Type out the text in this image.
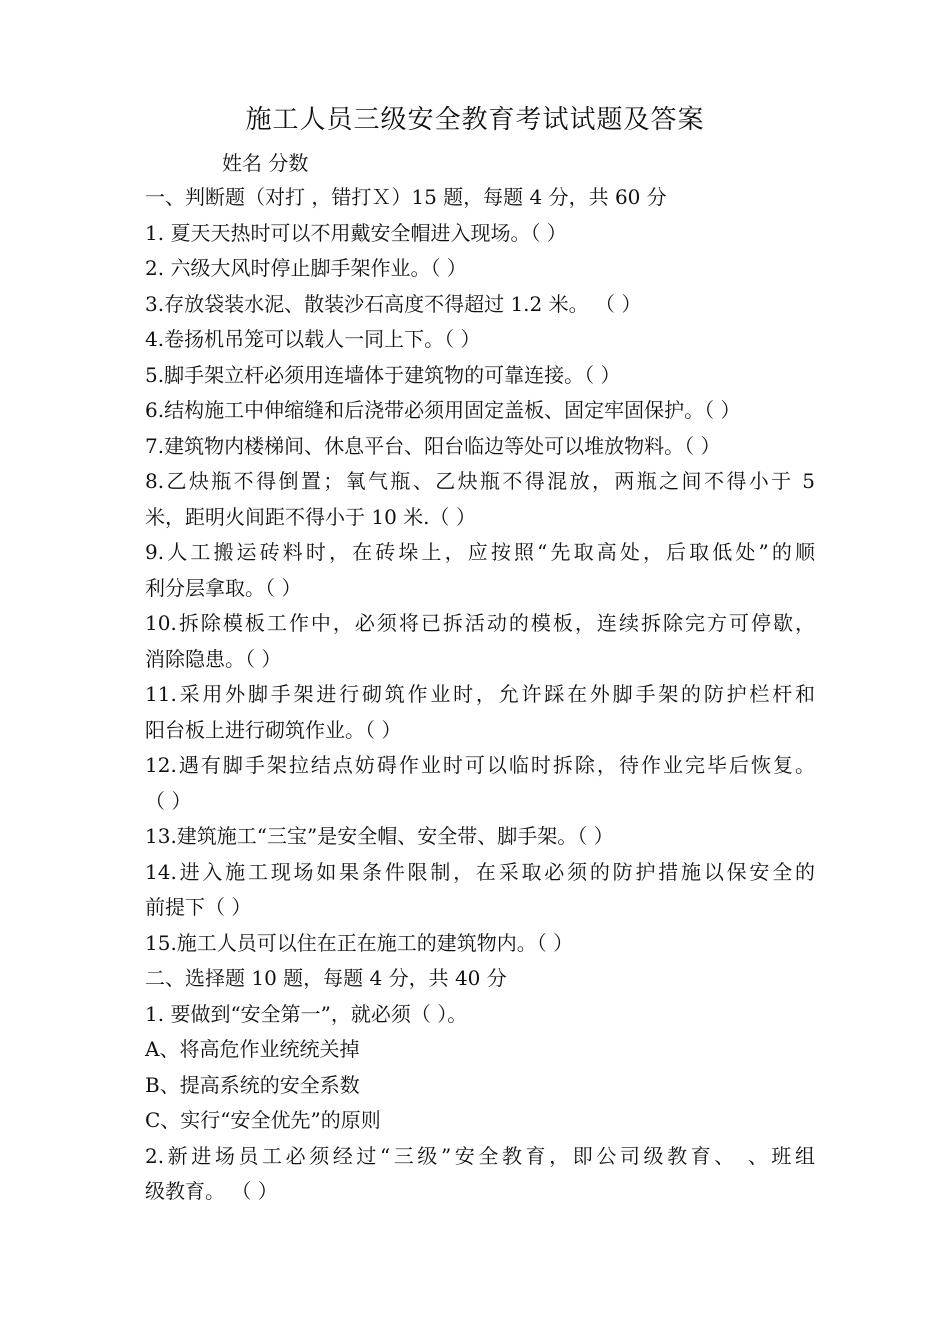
施工人员三级安全教育考试试题及答案
姓名 分数
一、判断题（对打 ，错打Ｘ）15 题，每题 4 分，共 60 分
1. 夏天天热时可以不用戴安全帽进入现场。（ ）
2. 六级大风时停止脚手架作业。（ ）
3.存放袋装水泥、散装沙石高度不得超过 1.2 米。 （ ）
4.卷扬机吊笼可以载人一同上下。（ ）
5.脚手架立杆必须用连墙体于建筑物的可靠连接。（ ）
6.结构施工中伸缩缝和后浇带必须用固定盖板、固定牢固保护。（ ）
7.建筑物内楼梯间、休息平台、阳台临边等处可以堆放物料。（ ）
8.乙炔瓶不得倒置；氧气瓶、乙炔瓶不得混放，两瓶之间不得小于 5
米，距明火间距不得小于 10 米.（ ）
9.人工搬运砖料时，在砖垛上，应按照“先取高处，后取低处”的顺
利分层拿取。（ ）
10.拆除模板工作中，必须将已拆活动的模板，连续拆除完方可停歇，
消除隐患。（ ）
11.采用外脚手架进行砌筑作业时，允许踩在外脚手架的防护栏杆和
阳台板上进行砌筑作业。（ ）
12.遇有脚手架拉结点妨碍作业时可以临时拆除，待作业完毕后恢复。
（ ）
13.建筑施工“三宝”是安全帽、安全带、脚手架。（ ）
14.进入施工现场如果条件限制，在采取必须的防护措施以保安全的
前提下（ ）
15.施工人员可以住在正在施工的建筑物内。（ ）
二、选择题 10 题，每题 4 分，共 40 分
1. 要做到“安全第一”，就必须（ ）。
A、将高危作业统统关掉
B、提高系统的安全系数
C、实行“安全优先”的原则
2.新进场员工必须经过“三级”安全教育，即公司级教育、 、班组
级教育。 （ ）
